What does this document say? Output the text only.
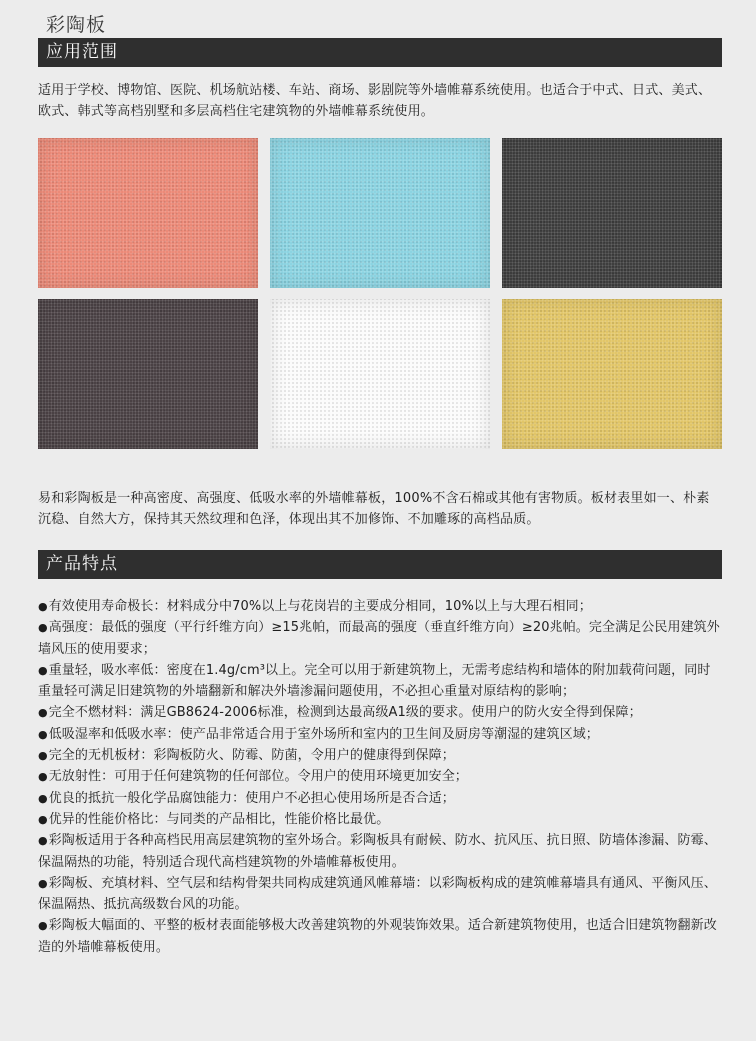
彩陶板
应用范围

适用于学校、博物馆、医院、机场航站楼、车站、商场、影剧院等外墙帷幕系统使用。也适合于中式、日式、美式、欧式、韩式等高档别墅和多层高档住宅建筑物的外墙帷幕系统使用。

易和彩陶板是一种高密度、高强度、低吸水率的外墙帷幕板，100%不含石棉或其他有害物质。板材表里如一、朴素沉稳、自然大方，保持其天然纹理和色泽，体现出其不加修饰、不加雕琢的高档品质。

产品特点
●有效使用寿命极长：材料成分中70%以上与花岗岩的主要成分相同，10%以上与大理石相同；
●高强度：最低的强度（平行纤维方向）≥15兆帕，而最高的强度（垂直纤维方向）≥20兆帕。完全满足公民用建筑外墙风压的使用要求；
●重量轻，吸水率低：密度在1.4g/cm³以上。完全可以用于新建筑物上，无需考虑结构和墙体的附加载荷问题，同时重量轻可满足旧建筑物的外墙翻新和解决外墙渗漏问题使用，不必担心重量对原结构的影响；
●完全不燃材料：满足GB8624-2006标准，检测到达最高级A1级的要求。使用户的防火安全得到保障；
●低吸湿率和低吸水率：使产品非常适合用于室外场所和室内的卫生间及厨房等潮湿的建筑区域；
●完全的无机板材：彩陶板防火、防霉、防菌，令用户的健康得到保障；
●无放射性：可用于任何建筑物的任何部位。令用户的使用环境更加安全；
●优良的抵抗一般化学品腐蚀能力：使用户不必担心使用场所是否合适；
●优异的性能价格比：与同类的产品相比，性能价格比最优。
●彩陶板适用于各种高档民用高层建筑物的室外场合。彩陶板具有耐候、防水、抗风压、抗日照、防墙体渗漏、防霉、保温隔热的功能，特别适合现代高档建筑物的外墙帷幕板使用。
●彩陶板、充填材料、空气层和结构骨架共同构成建筑通风帷幕墙：以彩陶板构成的建筑帷幕墙具有通风、平衡风压、保温隔热、抵抗高级数台风的功能。
●彩陶板大幅面的、平整的板材表面能够极大改善建筑物的外观装饰效果。适合新建筑物使用，也适合旧建筑物翻新改造的外墙帷幕板使用。
